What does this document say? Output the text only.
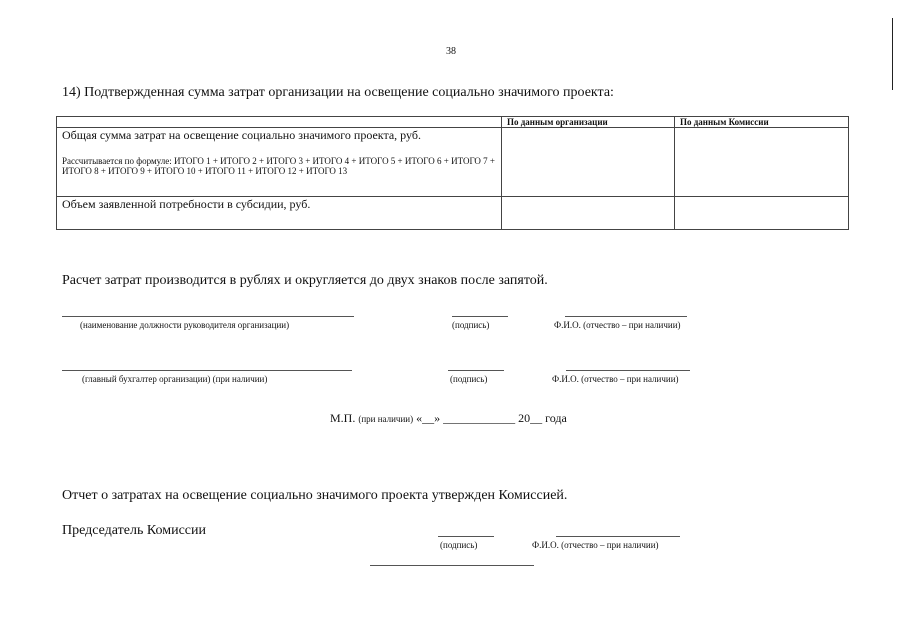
38
14) Подтвержденная сумма затрат организации на освещение социально значимого проекта:
	По данным организации	По данным Комиссии

Общая сумма затрат на освещение социально значимого проекта, руб.
Рассчитывается по формуле: ИТОГО 1 + ИТОГО 2 + ИТОГО 3 + ИТОГО 4 + ИТОГО 5 + ИТОГО 6 + ИТОГО 7 + ИТОГО 8 + ИТОГО 9 + ИТОГО 10 + ИТОГО 11 + ИТОГО 12 + ИТОГО 13		

Объем заявленной потребности в субсидии, руб.		

Расчет затрат производится в рублях и округляется до двух знаков после запятой.
(наименование должности руководителя организации)	(подпись)	Ф.И.О. (отчество – при наличии)
(главный бухгалтер организации) (при наличии)	(подпись)	Ф.И.О. (отчество – при наличии)
М.П. (при наличии) «__» ____________ 20__ года
Отчет о затратах на освещение социально значимого проекта утвержден Комиссией.
Председатель Комиссии
(подпись)	Ф.И.О. (отчество – при наличии)
